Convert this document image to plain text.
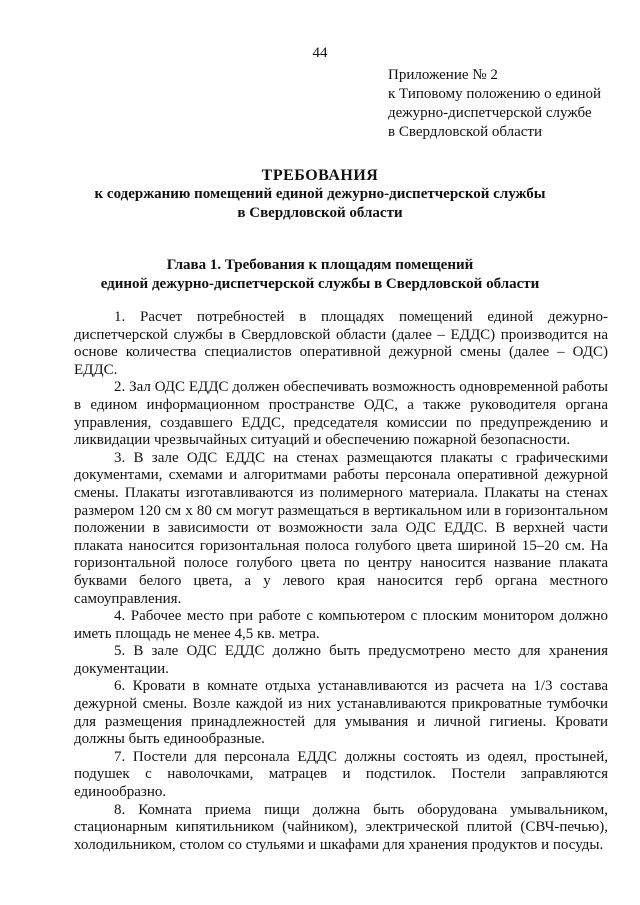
44
Приложение № 2
к Типовому положению о единой
дежурно-диспетчерской службе
в Свердловской области
ТРЕБОВАНИЯ
к содержанию помещений единой дежурно-диспетчерской службы
в Свердловской области
Глава 1. Требования к площадям помещений
единой дежурно-диспетчерской службы в Свердловской области

1. Расчет потребностей в площадях помещений единой дежурно-диспетчерской службы в Свердловской области (далее – ЕДДС) производится на основе количества специалистов оперативной дежурной смены (далее – ОДС) ЕДДС.

2. Зал ОДС ЕДДС должен обеспечивать возможность одновременной работы в едином информационном пространстве ОДС, а также руководителя органа управления, создавшего ЕДДС, председателя комиссии по предупреждению и ликвидации чрезвычайных ситуаций и обеспечению пожарной безопасности.

3. В зале ОДС ЕДДС на стенах размещаются плакаты с графическими документами, схемами и алгоритмами работы персонала оперативной дежурной смены. Плакаты изготавливаются из полимерного материала. Плакаты на стенах размером 120 см х 80 см могут размещаться в вертикальном или в горизонтальном положении в зависимости от возможности зала ОДС ЕДДС. В верхней части плаката наносится горизонтальная полоса голубого цвета шириной 15–20 см. На горизонтальной полосе голубого цвета по центру наносится название плаката буквами белого цвета, а у левого края наносится герб органа местного самоуправления.

4. Рабочее место при работе с компьютером с плоским монитором должно иметь площадь не менее 4,5 кв. метра.

5. В зале ОДС ЕДДС должно быть предусмотрено место для хранения документации.

6. Кровати в комнате отдыха устанавливаются из расчета на 1/3 состава дежурной смены. Возле каждой из них устанавливаются прикроватные тумбочки для размещения принадлежностей для умывания и личной гигиены. Кровати должны быть единообразные.

7. Постели для персонала ЕДДС должны состоять из одеял, простыней, подушек с наволочками, матрацев и подстилок. Постели заправляются единообразно.

8. Комната приема пищи должна быть оборудована умывальником, стационарным кипятильником (чайником), электрической плитой (СВЧ-печью), холодильником, столом со стульями и шкафами для хранения продуктов и посуды.
